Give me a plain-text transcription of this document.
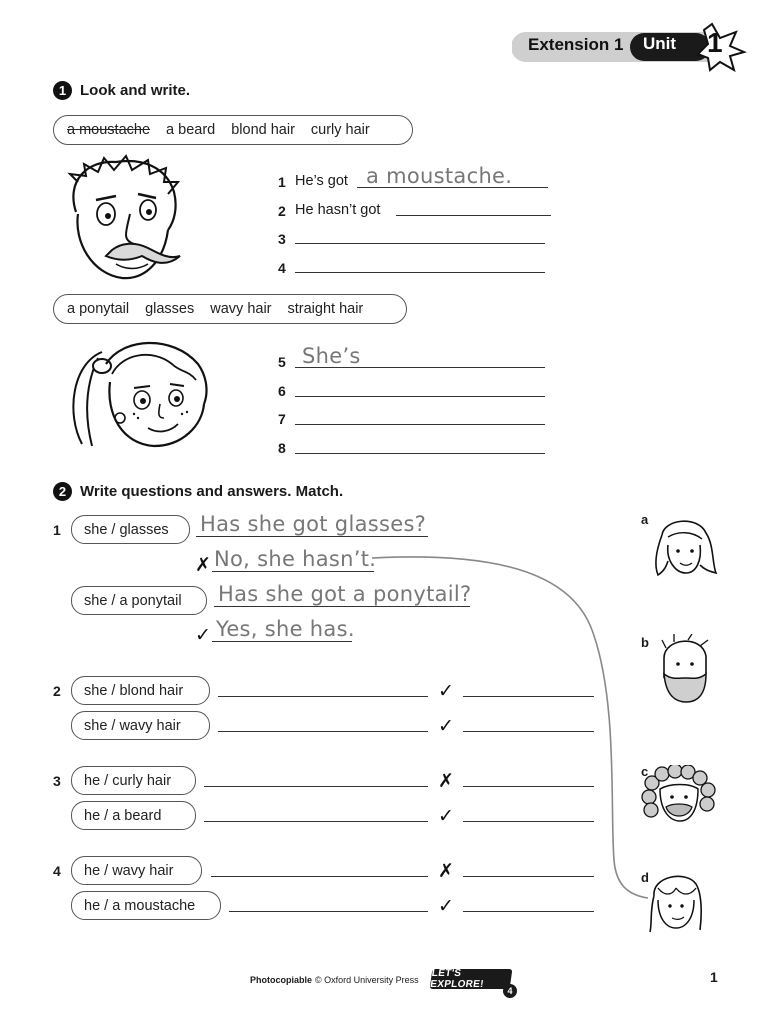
Extension 1 Unit 1
1 Look and write.
a moustache a beard blond hair curly hair
1 He’s got a moustache.
2 He hasn’t got
3
4
a ponytail glasses wavy hair straight hair
5 She’s
6
7
8
2 Write questions and answers. Match.
1 she / glasses Has she got glasses?
✗ No, she hasn’t.
she / a ponytail Has she got a ponytail?
✓ Yes, she has.
2 she / blond hair	✓
she / wavy hair	✓
3 he / curly hair	✗
he / a beard	✓
4 he / wavy hair	✗
he / a moustache	✓
a
b
c
d
Photocopiable © Oxford University Press
LET'S EXPLORE!
4
1
